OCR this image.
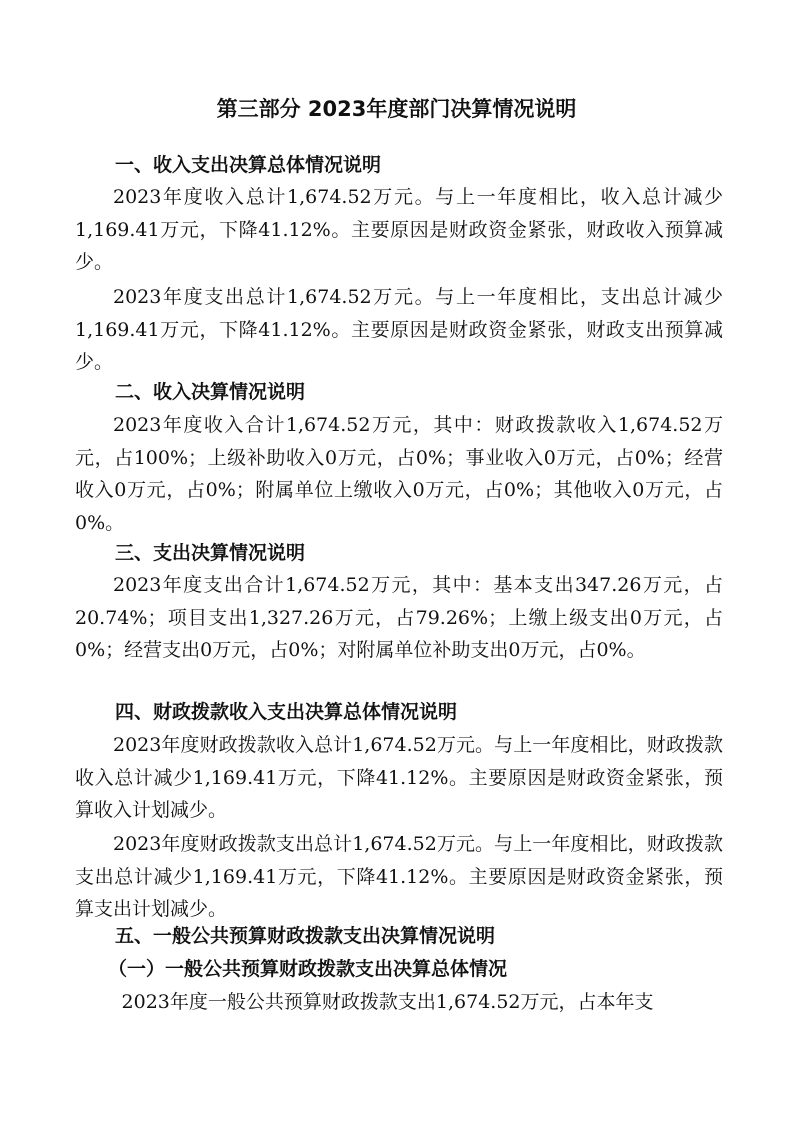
第三部分 2023年度部门决算情况说明
一、收入支出决算总体情况说明

2023年度收入总计1,674.52万元。与上一年度相比，收入总计减少1,169.41万元，下降41.12%。主要原因是财政资金紧张，财政收入预算减少。

2023年度支出总计1,674.52万元。与上一年度相比，支出总计减少1,169.41万元，下降41.12%。主要原因是财政资金紧张，财政支出预算减少。

二、收入决算情况说明

2023年度收入合计1,674.52万元，其中：财政拨款收入1,674.52万元，占100%；上级补助收入0万元，占0%；事业收入0万元，占0%；经营收入0万元，占0%；附属单位上缴收入0万元，占0%；其他收入0万元，占0%。

三、支出决算情况说明

2023年度支出合计1,674.52万元，其中：基本支出347.26万元，占20.74%；项目支出1,327.26万元，占79.26%；上缴上级支出0万元，占0%；经营支出0万元，占0%；对附属单位补助支出0万元，占0%。

四、财政拨款收入支出决算总体情况说明

2023年度财政拨款收入总计1,674.52万元。与上一年度相比，财政拨款收入总计减少1,169.41万元，下降41.12%。主要原因是财政资金紧张，预算收入计划减少。

2023年度财政拨款支出总计1,674.52万元。与上一年度相比，财政拨款支出总计减少1,169.41万元，下降41.12%。主要原因是财政资金紧张，预算支出计划减少。

五、一般公共预算财政拨款支出决算情况说明
（一）一般公共预算财政拨款支出决算总体情况

2023年度一般公共预算财政拨款支出1,674.52万元，占本年支
